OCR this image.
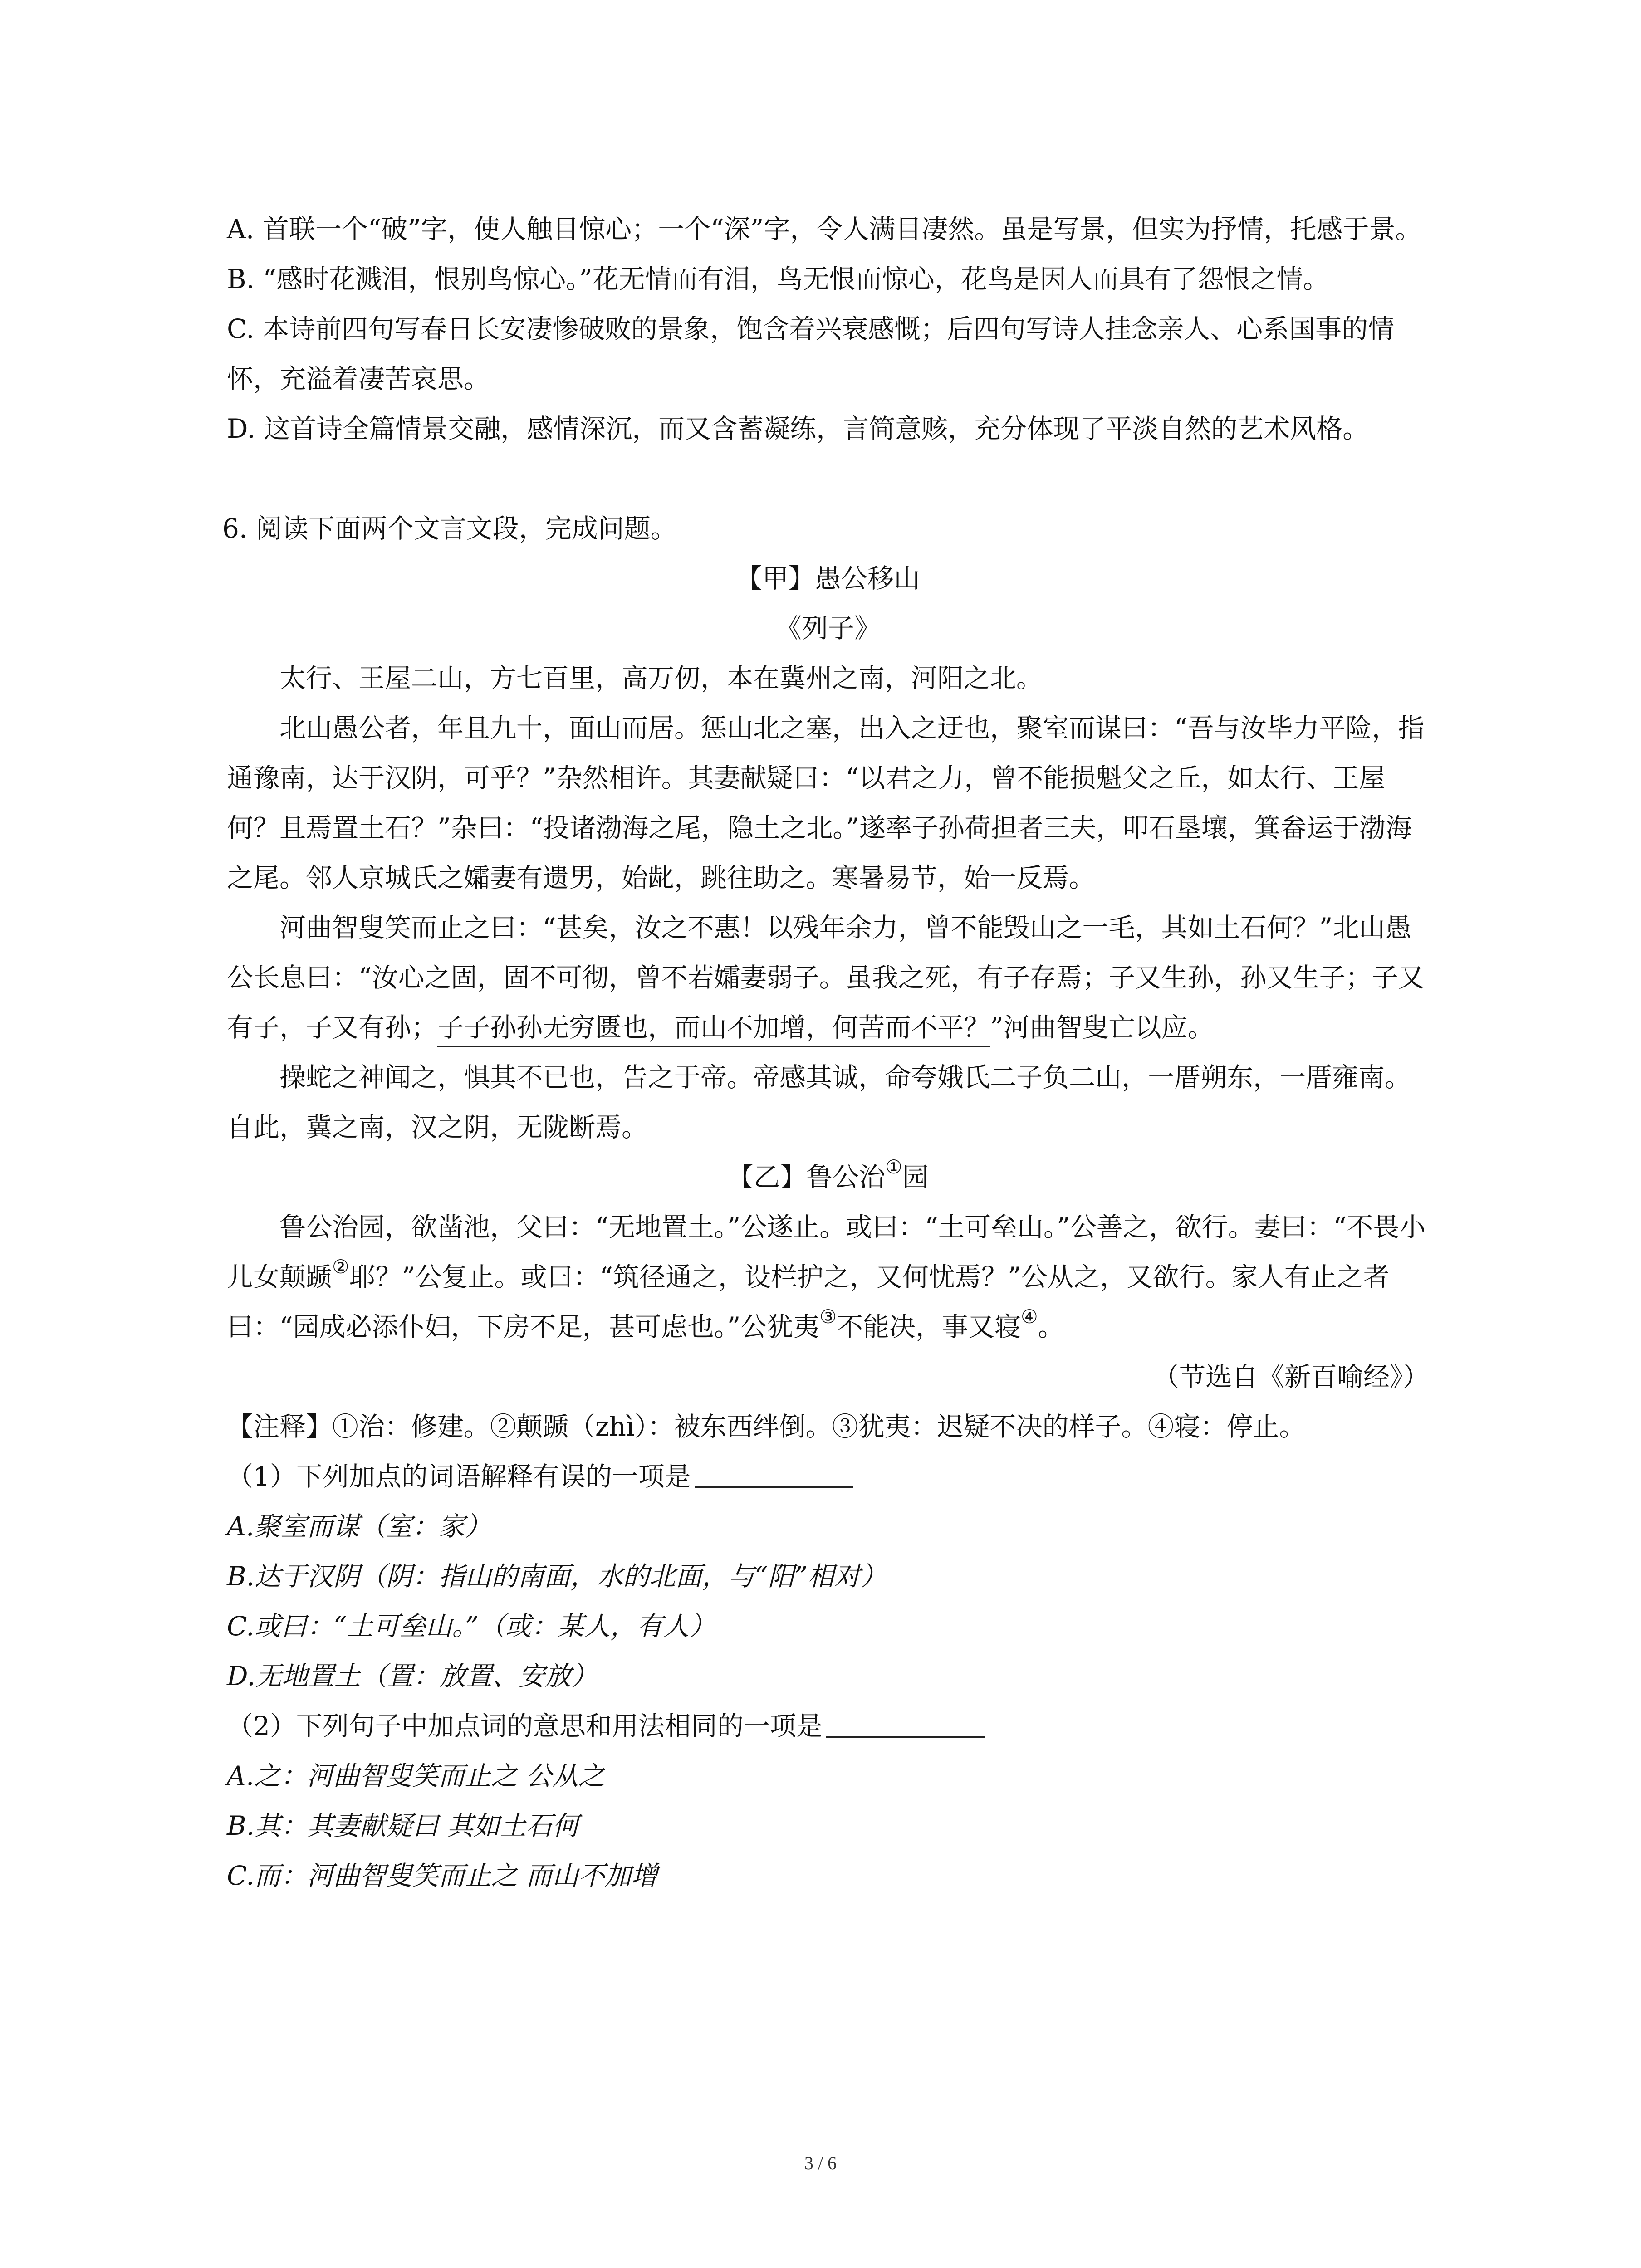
A. 首联一个“破”字，使人触目惊心；一个“深”字，令人满目凄然。虽是写景，但实为抒情，托感于景。

B. “感时花溅泪，恨别鸟惊心。”花无情而有泪，鸟无恨而惊心，花鸟是因人而具有了怨恨之情。

C. 本诗前四句写春日长安凄惨破败的景象，饱含着兴衰感慨；后四句写诗人挂念亲人、心系国事的情怀，充溢着凄苦哀思。

D. 这首诗全篇情景交融，感情深沉，而又含蓄凝练，言简意赅，充分体现了平淡自然的艺术风格。

6. 阅读下面两个文言文段，完成问题。

【甲】愚公移山

《列子》

太行、王屋二山，方七百里，高万仞，本在冀州之南，河阳之北。

北山愚公者，年且九十，面山而居。惩山北之塞，出入之迂也，聚室而谋曰：“吾与汝毕力平险，指通豫南，达于汉阴，可乎？”杂然相许。其妻献疑曰：“以君之力，曾不能损魁父之丘，如太行、王屋何？且焉置土石？”杂曰：“投诸渤海之尾，隐土之北。”遂率子孙荷担者三夫，叩石垦壤，箕畚运于渤海之尾。邻人京城氏之孀妻有遗男，始龀，跳往助之。寒暑易节，始一反焉。

河曲智叟笑而止之曰：“甚矣，汝之不惠！以残年余力，曾不能毁山之一毛，其如土石何？”北山愚公长息曰：“汝心之固，固不可彻，曾不若孀妻弱子。虽我之死，有子存焉；子又生孙，孙又生子；子又有子，子又有孙；子子孙孙无穷匮也，而山不加增，何苦而不平？”河曲智叟亡以应。

操蛇之神闻之，惧其不已也，告之于帝。帝感其诚，命夸娥氏二子负二山，一厝朔东，一厝雍南。自此，冀之南，汉之阴，无陇断焉。

【乙】鲁公治①园

鲁公治园，欲凿池，父曰：“无地置土。”公遂止。或曰：“土可垒山。”公善之，欲行。妻曰：“不畏小儿女颠踬②耶？”公复止。或曰：“筑径通之，设栏护之，又何忧焉？”公从之，又欲行。家人有止之者曰：“园成必添仆妇，下房不足，甚可虑也。”公犹夷③不能决，事又寝④。

（节选自《新百喻经》）

【注释】①治：修建。②颠踬（zhì）：被东西绊倒。③犹夷：迟疑不决的样子。④寝：停止。

（1）下列加点的词语解释有误的一项是

A.聚室而谋（室：家）

B.达于汉阴（阴：指山的南面，水的北面，与“阳”相对）

C.或曰：“土可垒山。”（或：某人，有人）

D.无地置土（置：放置、安放）

（2）下列句子中加点词的意思和用法相同的一项是

A.之：河曲智叟笑而止之 公从之

B.其：其妻献疑曰 其如土石何

C.而：河曲智叟笑而止之 而山不加增

3 / 6
